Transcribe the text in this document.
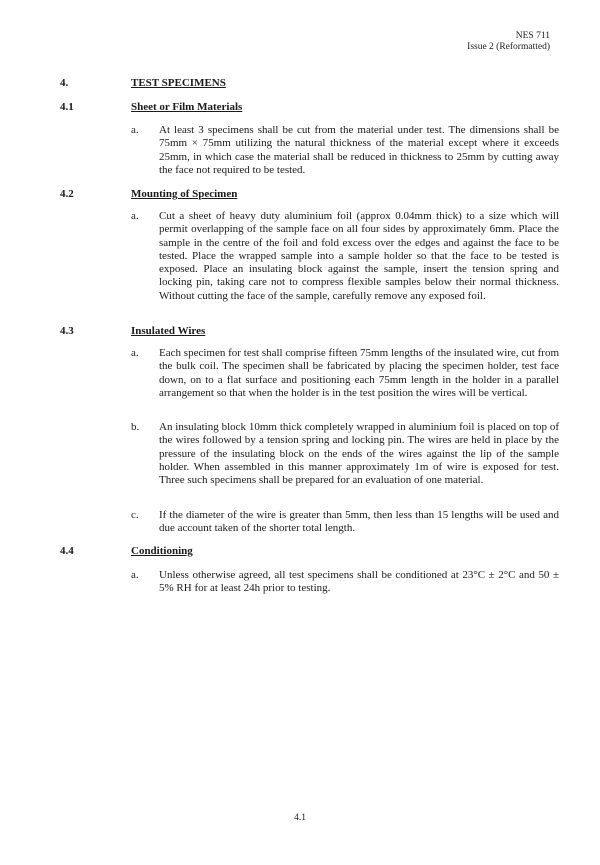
NES 711
Issue 2 (Reformatted)
4.	TEST SPECIMENS
4.1	Sheet or Film Materials
a. At least 3 specimens shall be cut from the material under test. The dimensions shall be 75mm × 75mm utilizing the natural thickness of the material except where it exceeds 25mm, in which case the material shall be reduced in thickness to 25mm by cutting away the face not required to be tested.
4.2	Mounting of Specimen
a. Cut a sheet of heavy duty aluminium foil (approx 0.04mm thick) to a size which will permit overlapping of the sample face on all four sides by approximately 6mm. Place the sample in the centre of the foil and fold excess over the edges and against the face to be tested. Place the wrapped sample into a sample holder so that the face to be tested is exposed. Place an insulating block against the sample, insert the tension spring and locking pin, taking care not to compress flexible samples below their normal thickness. Without cutting the face of the sample, carefully remove any exposed foil.
4.3	Insulated Wires
a. Each specimen for test shall comprise fifteen 75mm lengths of the insulated wire, cut from the bulk coil. The specimen shall be fabricated by placing the specimen holder, test face down, on to a flat surface and positioning each 75mm length in the holder in a parallel arrangement so that when the holder is in the test position the wires will be vertical.
b. An insulating block 10mm thick completely wrapped in aluminium foil is placed on top of the wires followed by a tension spring and locking pin. The wires are held in place by the pressure of the insulating block on the ends of the wires against the lip of the sample holder. When assembled in this manner approximately 1m of wire is exposed for test. Three such specimens shall be prepared for an evaluation of one material.
c. If the diameter of the wire is greater than 5mm, then less than 15 lengths will be used and due account taken of the shorter total length.
4.4	Conditioning
a. Unless otherwise agreed, all test specimens shall be conditioned at 23°C ± 2°C and 50 ± 5% RH for at least 24h prior to testing.
4.1
